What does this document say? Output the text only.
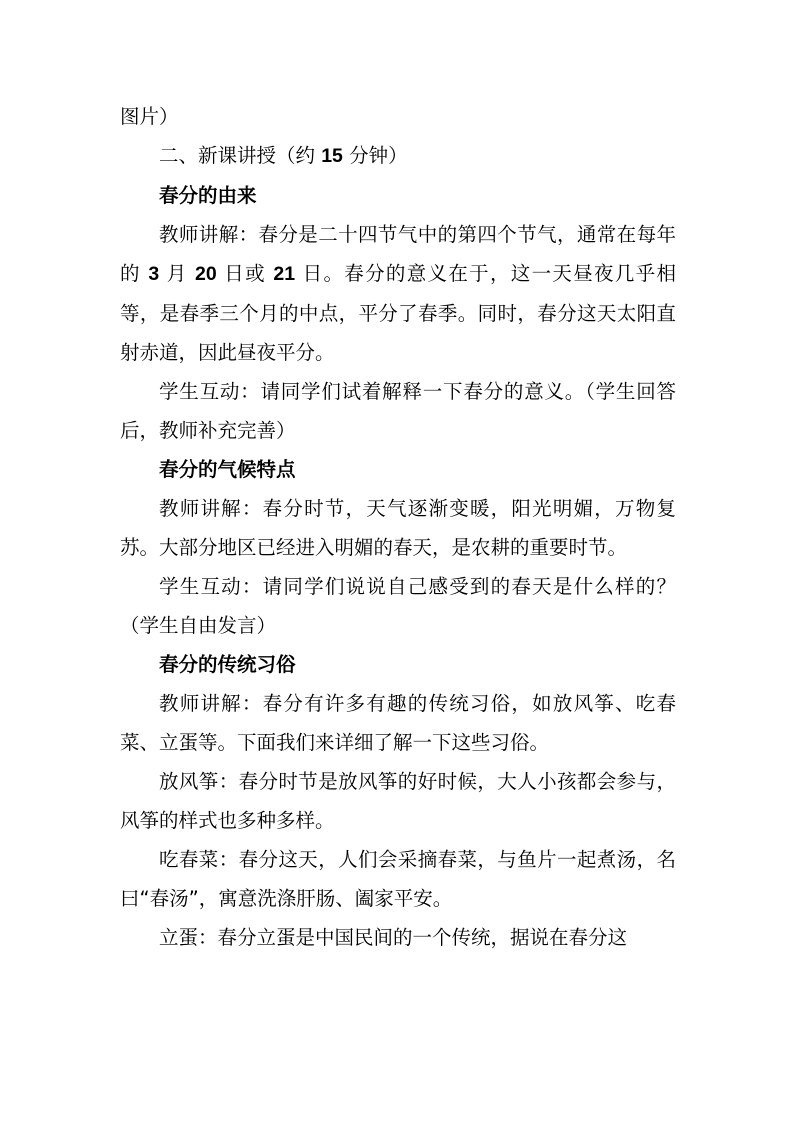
图片）

二、新课讲授（约 15 分钟）

春分的由来

教师讲解：春分是二十四节气中的第四个节气，通常在每年的 3 月 20 日或 21 日。春分的意义在于，这一天昼夜几乎相等，是春季三个月的中点，平分了春季。同时，春分这天太阳直射赤道，因此昼夜平分。

学生互动：请同学们试着解释一下春分的意义。（学生回答后，教师补充完善）

春分的气候特点

教师讲解：春分时节，天气逐渐变暖，阳光明媚，万物复苏。大部分地区已经进入明媚的春天，是农耕的重要时节。

学生互动：请同学们说说自己感受到的春天是什么样的？（学生自由发言）

春分的传统习俗

教师讲解：春分有许多有趣的传统习俗，如放风筝、吃春菜、立蛋等。下面我们来详细了解一下这些习俗。

放风筝：春分时节是放风筝的好时候，大人小孩都会参与，风筝的样式也多种多样。

吃春菜：春分这天，人们会采摘春菜，与鱼片一起煮汤，名曰“春汤”，寓意洗涤肝肠、阖家平安。

立蛋：春分立蛋是中国民间的一个传统，据说在春分这
